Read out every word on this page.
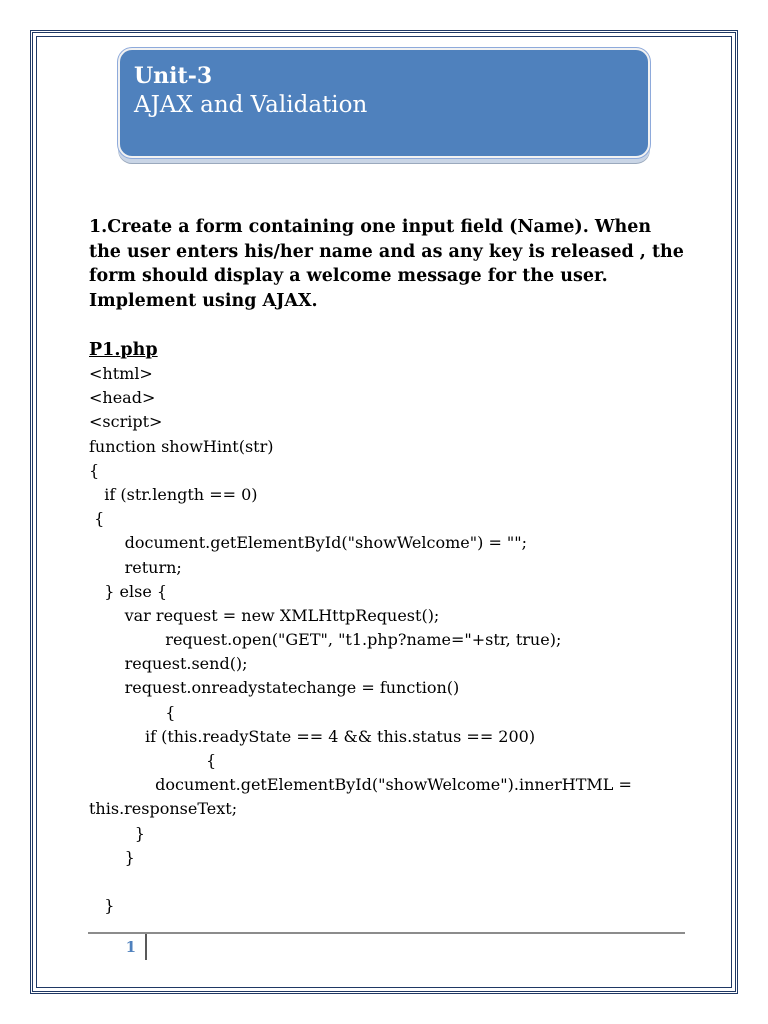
Unit-3

AJAX and Validation

1.Create a form containing one input field (Name). When the user enters his/her name and as any key is released , the form should display a welcome message for the user. Implement using AJAX.

P1.php
<html>
<head>
<script>
function showHint(str)
{
if (str.length == 0)
{
document.getElementById("showWelcome") = "";
return;
} else {
var request = new XMLHttpRequest();
request.open("GET", "t1.php?name="+str, true);
request.send();
request.onreadystatechange = function()
{
if (this.readyState == 4 && this.status == 200)
{
document.getElementById("showWelcome").innerHTML =
this.responseText;
}
}
}
1
